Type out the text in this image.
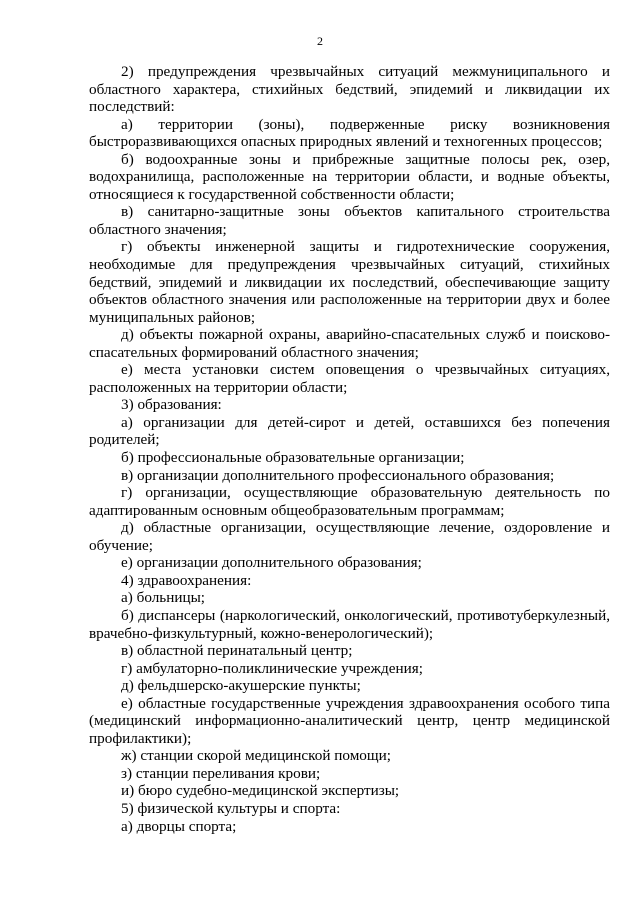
2

2) предупреждения чрезвычайных ситуаций межмуниципального и областного характера, стихийных бедствий, эпидемий и ликвидации их последствий:

а) территории (зоны), подверженные риску возникновения быстроразвивающихся опасных природных явлений и техногенных процессов;

б) водоохранные зоны и прибрежные защитные полосы рек, озер, водохранилища, расположенные на территории области, и водные объекты, относящиеся к государственной собственности области;

в) санитарно-защитные зоны объектов капитального строительства областного значения;

г) объекты инженерной защиты и гидротехнические сооружения, необходимые для предупреждения чрезвычайных ситуаций, стихийных бедствий, эпидемий и ликвидации их последствий, обеспечивающие защиту объектов областного значения или расположенные на территории двух и более муниципальных районов;

д) объекты пожарной охраны, аварийно-спасательных служб и поисково-спасательных формирований областного значения;

е) места установки систем оповещения о чрезвычайных ситуациях, расположенных на территории области;

3) образования:

а) организации для детей-сирот и детей, оставшихся без попечения родителей;

б) профессиональные образовательные организации;

в) организации дополнительного профессионального образования;

г) организации, осуществляющие образовательную деятельность по адаптированным основным общеобразовательным программам;

д) областные организации, осуществляющие лечение, оздоровление и обучение;

е) организации дополнительного образования;

4) здравоохранения:

а) больницы;

б) диспансеры (наркологический, онкологический, противотуберкулезный, врачебно-физкультурный, кожно-венерологический);

в) областной перинатальный центр;

г) амбулаторно-поликлинические учреждения;

д) фельдшерско-акушерские пункты;

е) областные государственные учреждения здравоохранения особого типа (медицинский информационно-аналитический центр, центр медицинской профилактики);

ж) станции скорой медицинской помощи;

з) станции переливания крови;

и) бюро судебно-медицинской экспертизы;

5) физической культуры и спорта:

а) дворцы спорта;
